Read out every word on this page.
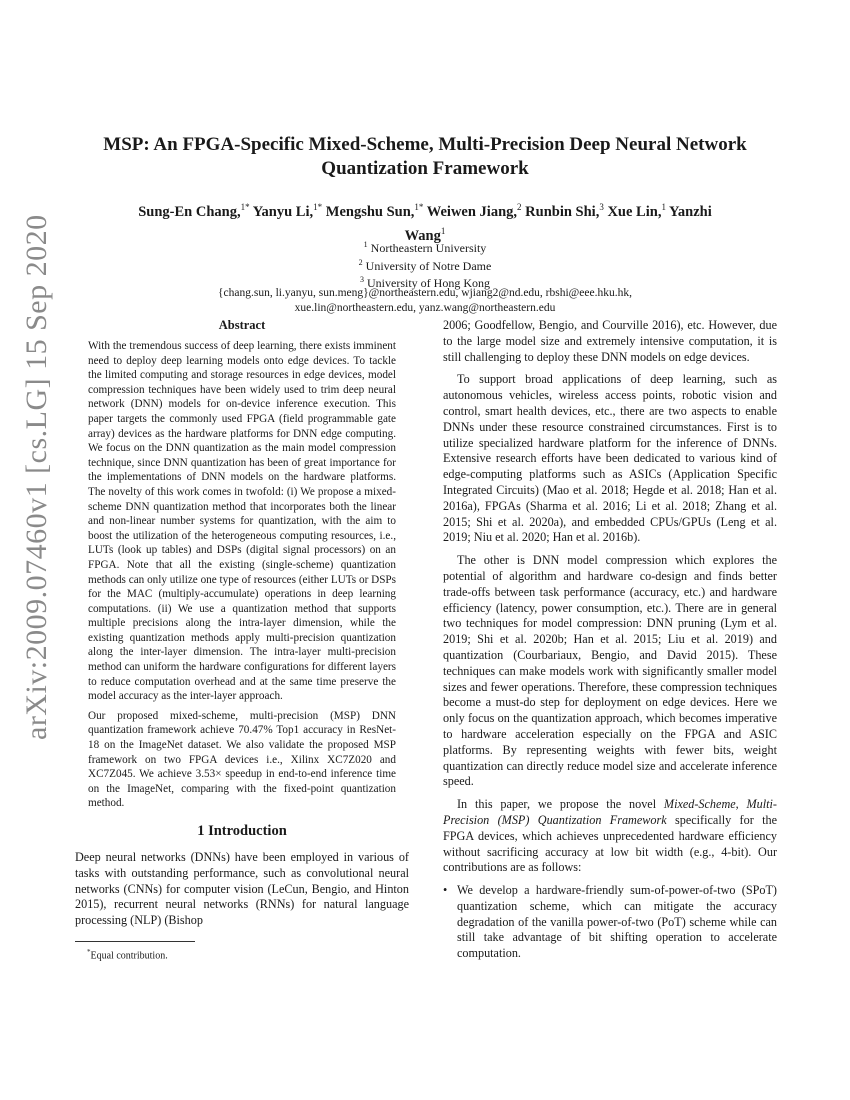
arXiv:2009.07460v1 [cs.LG] 15 Sep 2020
MSP: An FPGA-Specific Mixed-Scheme, Multi-Precision Deep Neural Network
Quantization Framework
Sung-En Chang,$^{1*}$ Yanyu Li,$^{1*}$ Mengshu Sun,$^{1*}$ Weiwen Jiang,$^2$ Runbin Shi,$^3$ Xue Lin,$^1$ Yanzhi
Wang$^1$
$^1$ Northeastern University
$^2$ University of Notre Dame
$^3$ University of Hong Kong
{chang.sun, li.yanyu, sun.meng}@northeastern.edu, wjiang2@nd.edu, rbshi@eee.hku.hk,
xue.lin@northeastern.edu, yanz.wang@northeastern.edu
Abstract

With the tremendous success of deep learning, there exists imminent need to deploy deep learning models onto edge devices. To tackle the limited computing and storage resources in edge devices, model compression techniques have been widely used to trim deep neural network (DNN) models for on-device inference execution. This paper targets the commonly used FPGA (field programmable gate array) devices as the hardware platforms for DNN edge computing. We focus on the DNN quantization as the main model compression technique, since DNN quantization has been of great importance for the implementations of DNN models on the hardware platforms. The novelty of this work comes in twofold: (i) We propose a mixed-scheme DNN quantization method that incorporates both the linear and non-linear number systems for quantization, with the aim to boost the utilization of the heterogeneous computing resources, i.e., LUTs (look up tables) and DSPs (digital signal processors) on an FPGA. Note that all the existing (single-scheme) quantization methods can only utilize one type of resources (either LUTs or DSPs for the MAC (multiply-accumulate) operations in deep learning computations. (ii) We use a quantization method that supports multiple precisions along the intra-layer dimension, while the existing quantization methods apply multi-precision quantization along the inter-layer dimension. The intra-layer multi-precision method can uniform the hardware configurations for different layers to reduce computation overhead and at the same time preserve the model accuracy as the inter-layer approach.

Our proposed mixed-scheme, multi-precision (MSP) DNN quantization framework achieve 70.47% Top1 accuracy in ResNet-18 on the ImageNet dataset. We also validate the proposed MSP framework on two FPGA devices i.e., Xilinx XC7Z020 and XC7Z045. We achieve 3.53× speedup in end-to-end inference time on the ImageNet, comparing with the fixed-point quantization method.

1 Introduction

Deep neural networks (DNNs) have been employed in various of tasks with outstanding performance, such as convolutional neural networks (CNNs) for computer vision (LeCun, Bengio, and Hinton 2015), recurrent neural networks (RNNs) for natural language processing (NLP) (Bishop

*Equal contribution.

2006; Goodfellow, Bengio, and Courville 2016), etc. However, due to the large model size and extremely intensive computation, it is still challenging to deploy these DNN models on edge devices.

To support broad applications of deep learning, such as autonomous vehicles, wireless access points, robotic vision and control, smart health devices, etc., there are two aspects to enable DNNs under these resource constrained circumstances. First is to utilize specialized hardware platform for the inference of DNNs. Extensive research efforts have been dedicated to various kind of edge-computing platforms such as ASICs (Application Specific Integrated Circuits) (Mao et al. 2018; Hegde et al. 2018; Han et al. 2016a), FPGAs (Sharma et al. 2016; Li et al. 2018; Zhang et al. 2015; Shi et al. 2020a), and embedded CPUs/GPUs (Leng et al. 2019; Niu et al. 2020; Han et al. 2016b).

The other is DNN model compression which explores the potential of algorithm and hardware co-design and finds better trade-offs between task performance (accuracy, etc.) and hardware efficiency (latency, power consumption, etc.). There are in general two techniques for model compression: DNN pruning (Lym et al. 2019; Shi et al. 2020b; Han et al. 2015; Liu et al. 2019) and quantization (Courbariaux, Bengio, and David 2015). These techniques can make models work with significantly smaller model sizes and fewer operations. Therefore, these compression techniques become a must-do step for deployment on edge devices. Here we only focus on the quantization approach, which becomes imperative to hardware acceleration especially on the FPGA and ASIC platforms. By representing weights with fewer bits, weight quantization can directly reduce model size and accelerate inference speed.

In this paper, we propose the novel Mixed-Scheme, Multi-Precision (MSP) Quantization Framework specifically for the FPGA devices, which achieves unprecedented hardware efficiency without sacrificing accuracy at low bit width (e.g., 4-bit). Our contributions are as follows:

• We develop a hardware-friendly sum-of-power-of-two (SPoT) quantization scheme, which can mitigate the accuracy degradation of the vanilla power-of-two (PoT) scheme while can still take advantage of bit shifting operation to accelerate computation.
